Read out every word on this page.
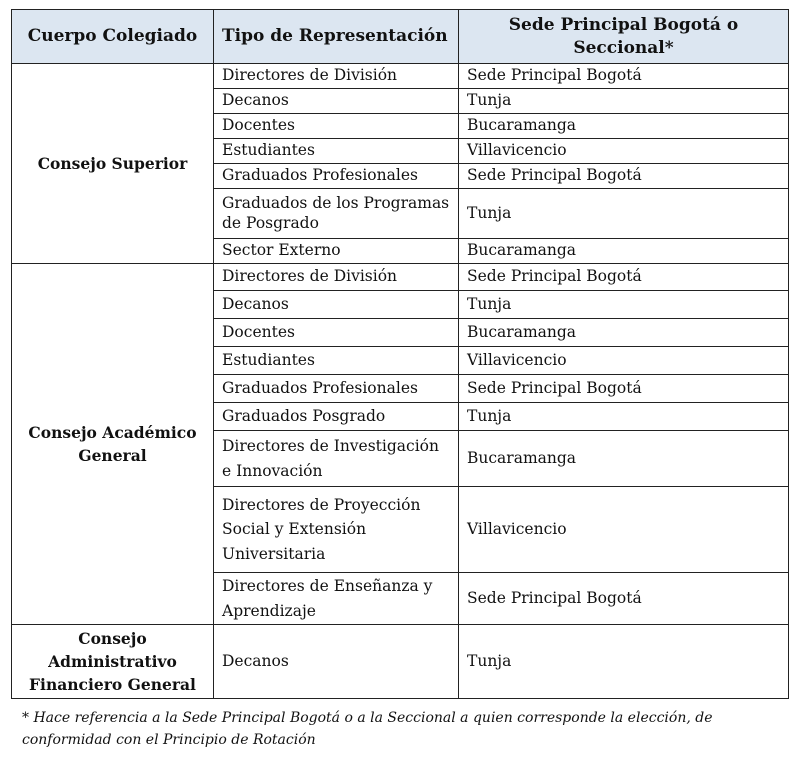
Cuerpo Colegiado	Tipo de Representación	Sede Principal Bogotá o Seccional*
Consejo Superior	Directores de División	Sede Principal Bogotá
	Decanos	Tunja
	Docentes	Bucaramanga
	Estudiantes	Villavicencio
	Graduados Profesionales	Sede Principal Bogotá
	Graduados de los Programas de Posgrado	Tunja
	Sector Externo	Bucaramanga
Consejo Académico General	Directores de División	Sede Principal Bogotá
	Decanos	Tunja
	Docentes	Bucaramanga
	Estudiantes	Villavicencio
	Graduados Profesionales	Sede Principal Bogotá
	Graduados Posgrado	Tunja
	Directores de Investigación e Innovación	Bucaramanga
	Directores de Proyección Social y Extensión Universitaria	Villavicencio
	Directores de Enseñanza y Aprendizaje	Sede Principal Bogotá
Consejo Administrativo Financiero General	Decanos	Tunja
* Hace referencia a la Sede Principal Bogotá o a la Seccional a quien corresponde la elección, de conformidad con el Principio de Rotación
